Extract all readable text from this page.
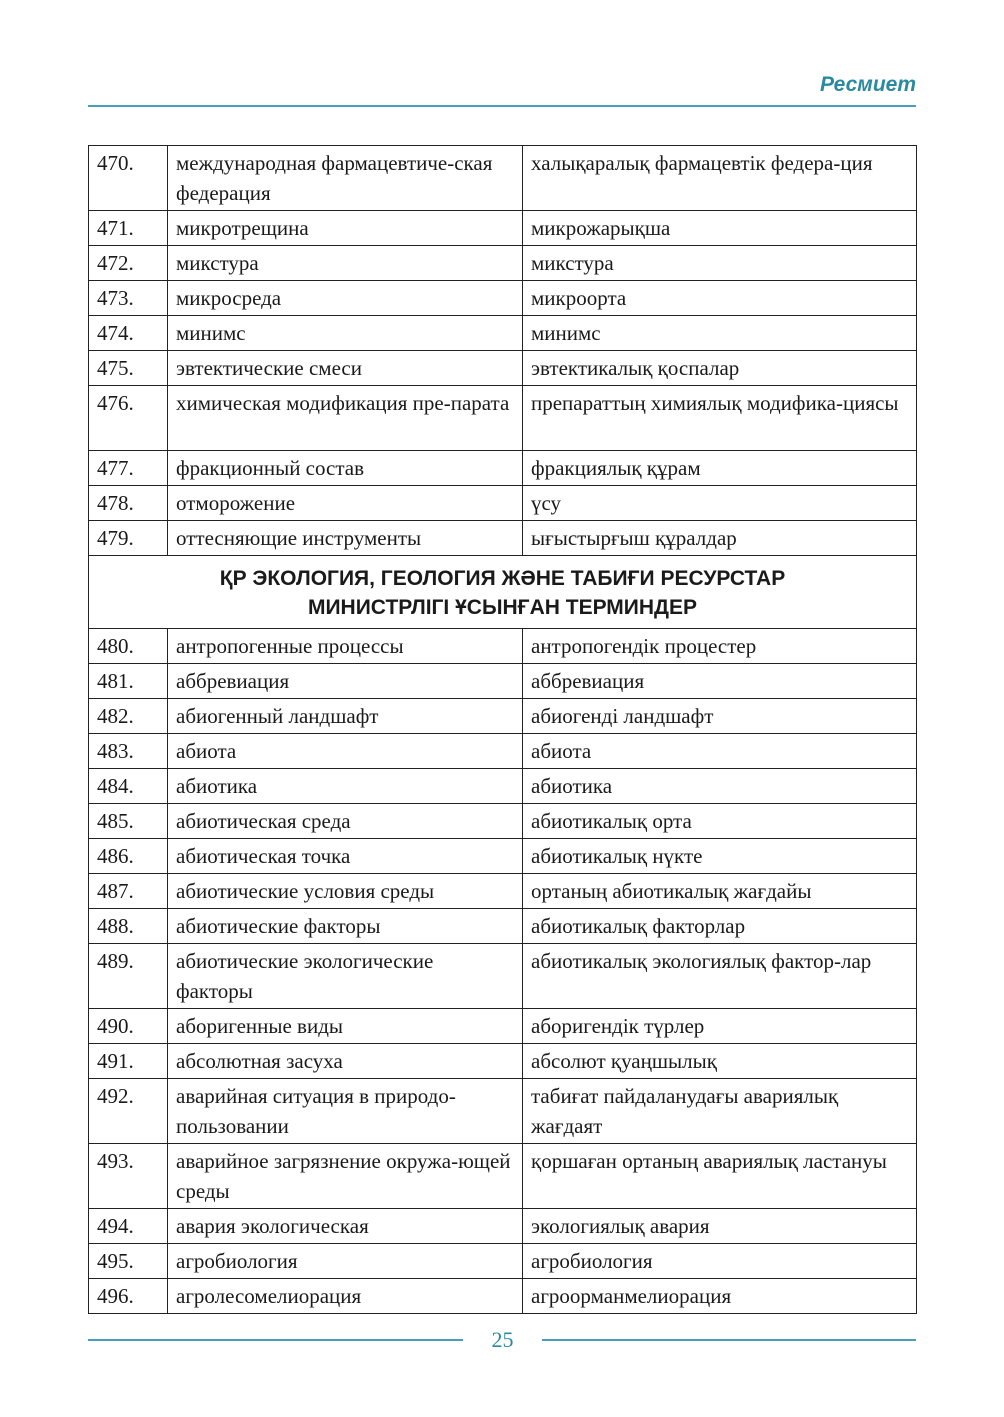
Ресмиет
470.	международная фармацевтиче-ская федерация	халықаралық фармацевтік федера-ция
471.	микротрещина	микрожарықша
472.	микстура	микстура
473.	микросреда	микроорта
474.	минимс	минимс
475.	эвтектические смеси	эвтектикалық қоспалар
476.	химическая модификация пре-парата	препараттың химиялық модифика-циясы
477.	фракционный состав	фракциялық құрам
478.	отморожение	үсу
479.	оттесняющие инструменты	ығыстырғыш құралдар

ҚР ЭКОЛОГИЯ, ГЕОЛОГИЯ ЖӘНЕ ТАБИҒИ РЕСУРСТАР
МИНИСТРЛІГІ ҰСЫНҒАН ТЕРМИНДЕР		

480.	антропогенные процессы	антропогендік процестер
481.	аббревиация	аббревиация
482.	абиогенный ландшафт	абиогенді ландшафт
483.	абиота	абиота
484.	абиотика	абиотика
485.	абиотическая среда	абиотикалық орта
486.	абиотическая точка	абиотикалық нүкте
487.	абиотические условия среды	ортаның абиотикалық жағдайы
488.	абиотические факторы	абиотикалық факторлар
489.	абиотические экологические факторы	абиотикалық экологиялық фактор-лар
490.	аборигенные виды	аборигендік түрлер
491.	абсолютная засуха	абсолют қуаңшылық
492.	аварийная ситуация в природо-пользовании	табиғат пайдаланудағы авариялық жағдаят
493.	аварийное загрязнение окружа-ющей среды	қоршаған ортаның авариялық ластануы
494.	авария экологическая	экологиялық авария
495.	агробиология	агробиология
496.	агролесомелиорация	агроорманмелиорация
25
